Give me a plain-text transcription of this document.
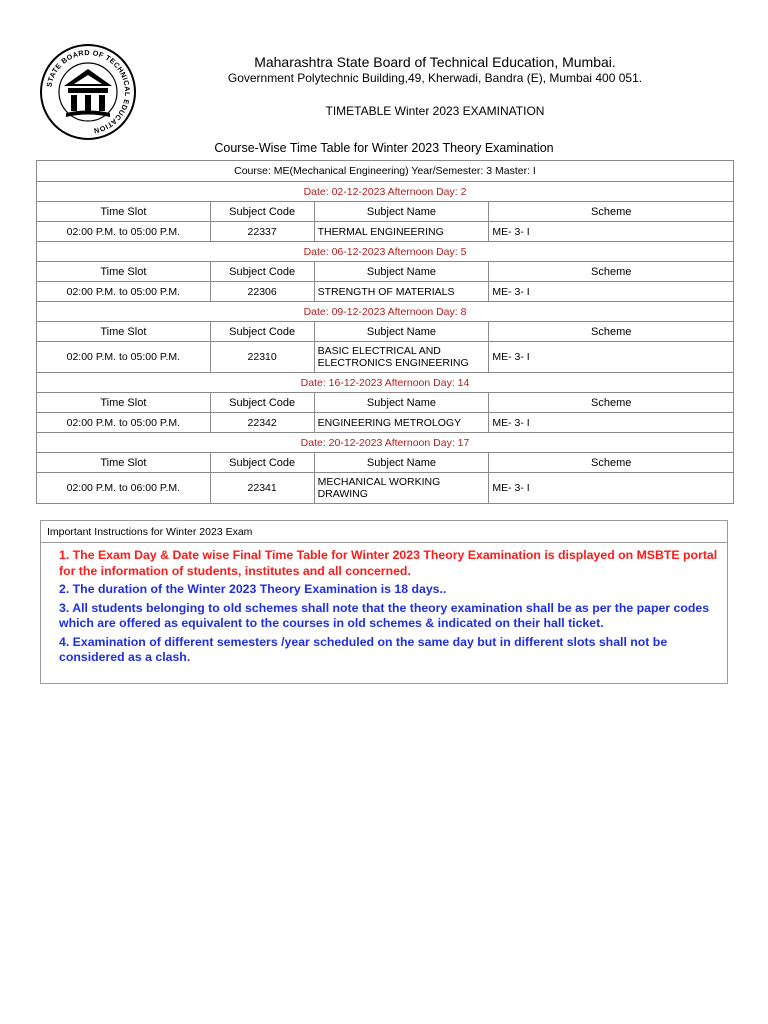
STATE BOARD OF TECHNICAL EDUCATION
Maharashtra State Board of Technical Education, Mumbai.
Government Polytechnic Building,49, Kherwadi, Bandra (E), Mumbai 400 051.
TIMETABLE Winter 2023 EXAMINATION
Course-Wise Time Table for Winter 2023 Theory Examination
Course: ME(Mechanical Engineering) Year/Semester: 3 Master: I			
Date: 02-12-2023 Afternoon Day: 2			
Time Slot	Subject Code	Subject Name	Scheme
02:00 P.M. to 05:00 P.M.	22337	THERMAL ENGINEERING	ME- 3- I
Date: 06-12-2023 Afternoon Day: 5			
Time Slot	Subject Code	Subject Name	Scheme
02:00 P.M. to 05:00 P.M.	22306	STRENGTH OF MATERIALS	ME- 3- I
Date: 09-12-2023 Afternoon Day: 8			
Time Slot	Subject Code	Subject Name	Scheme
02:00 P.M. to 05:00 P.M.	22310	BASIC ELECTRICAL AND ELECTRONICS ENGINEERING	ME- 3- I
Date: 16-12-2023 Afternoon Day: 14			
Time Slot	Subject Code	Subject Name	Scheme
02:00 P.M. to 05:00 P.M.	22342	ENGINEERING METROLOGY	ME- 3- I
Date: 20-12-2023 Afternoon Day: 17			
Time Slot	Subject Code	Subject Name	Scheme
02:00 P.M. to 06:00 P.M.	22341	MECHANICAL WORKING DRAWING	ME- 3- I
Important Instructions for Winter 2023 Exam
1. The Exam Day & Date wise Final Time Table for Winter 2023 Theory Examination is displayed on MSBTE portal for the information of students, institutes and all concerned.
2. The duration of the Winter 2023 Theory Examination is 18 days..
3. All students belonging to old schemes shall note that the theory examination shall be as per the paper codes which are offered as equivalent to the courses in old schemes & indicated on their hall ticket.
4. Examination of different semesters /year scheduled on the same day but in different slots shall not be considered as a clash.
